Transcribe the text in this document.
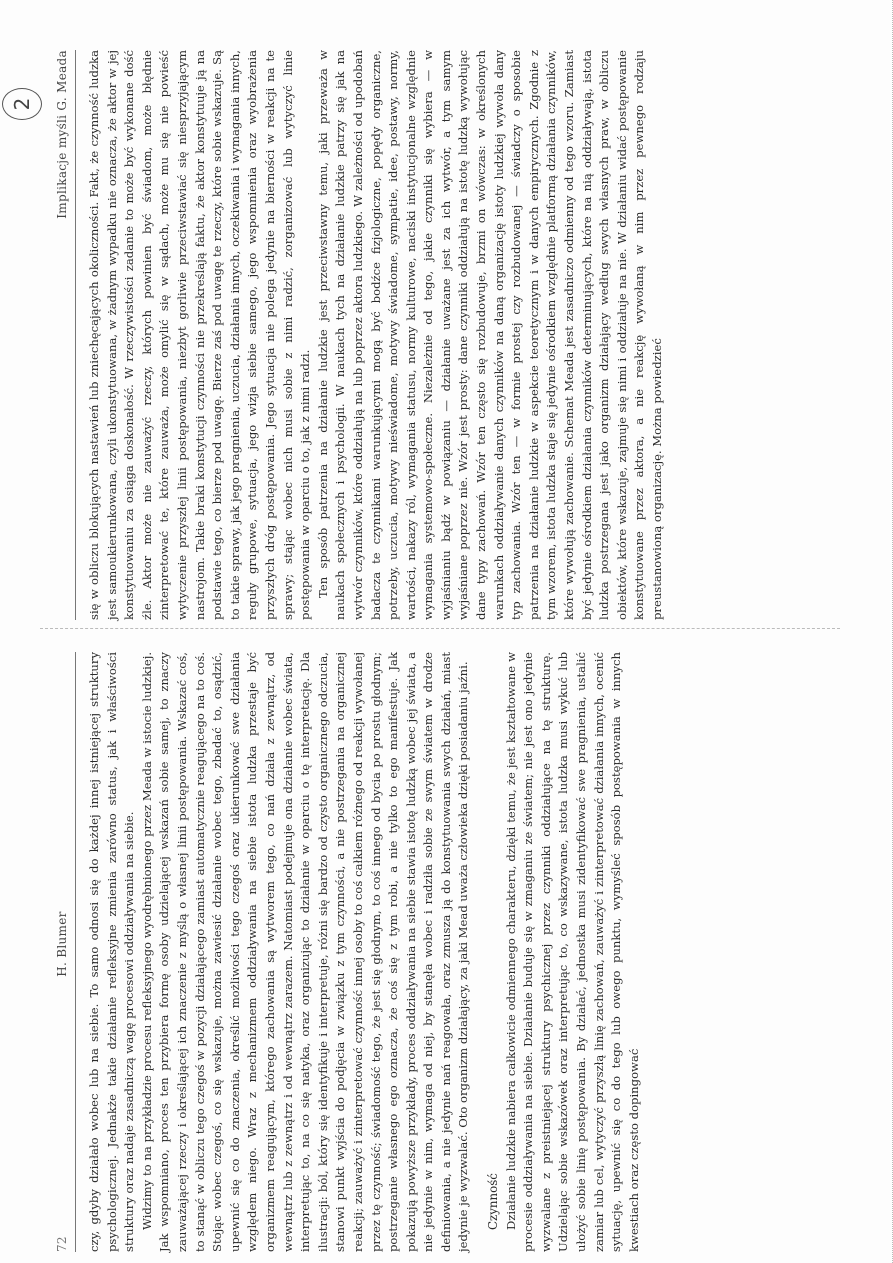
2 Implikacje myśli G. Meada się w obliczu blokujących nastawień lub zniechęcających okoliczności. Fakt, że czynność ludzka jest samoukierunkowana, czyli ukonstytuowana, w żadnym wypadku nie oznacza, że aktor w jej konstytuowaniu za osiąga doskonałość. W rzeczywistości zadanie to może być wykonane dość źle. Aktor może nie zauważyć rzeczy, których powinien być świadom, może błędnie zinterpretować te, które zauważa, może omylić się w sądach, może mu się nie powieść wytyczenie przyszłej linii postępowania, niezbyt gorliwie przeciwstawiać się niesprzyjającym nastrojom. Takie braki konstytucji czynności nie przekreślają faktu, że aktor konstytuuje ją na podstawie tego, co bierze pod uwagę. Bierze zaś pod uwagę te rzeczy, które sobie wskazuje. Są to takie sprawy, jak jego pragnienia, uczucia, działania innych, oczekiwania i wymagania innych, reguły grupowe, sytuacja, jego wizja siebie samego, jego wspomnienia oraz wyobrażenia przyszłych dróg postępowania. Jego sytuacja nie polega jedynie na bierności w reakcji na te sprawy; stając wobec nich musi sobie z nimi radzić, zorganizować lub wytyczyć linie postępowania w oparciu o to, jak z nimi radzi. Ten sposób patrzenia na działanie ludzkie jest przeciwstawny temu, jaki przeważa w naukach społecznych i psychologii. W naukach tych na działanie ludzkie patrzy się jak na wytwór czynników, które oddziałują na lub poprzez aktora ludzkiego. W zależności od upodobań badacza te czynnikami warunkującymi mogą być bodźce fizjologiczne, popędy organiczne, potrzeby, uczucia, motywy nieświadome, motywy świadome, sympatie, idee, postawy, normy, wartości, nakazy ról, wymagania statusu, normy kulturowe, naciski instytucjonalne względnie wymagania systemowo-społeczne. Niezależnie od tego, jakie czynniki się wybiera — w wyjaśnianiu bądź w powiązaniu — działanie uważane jest za ich wytwór, a tym samym wyjaśniane poprzez nie. Wzór jest prosty: dane czynniki oddziałują na istotę ludzką wywołując dane typy zachowań. Wzór ten często się rozbudowuje, brzmi on wówczas: w określonych warunkach oddziaływanie danych czynników na daną organizację istoty ludzkiej wywoła dany typ zachowania. Wzór ten — w formie prostej czy rozbudowanej — świadczy o sposobie patrzenia na działanie ludzkie w aspekcie teoretycznym i w danych empirycznych. Zgodnie z tym wzorem, istota ludzka staje się jedynie ośrodkiem względnie platformą działania czynników, które wywołują zachowanie. Schemat Meada jest zasadniczo odmienny od tego wzoru. Zamiast być jedynie ośrodkiem działania czynników determinujących, które na nią oddziaływają, istota ludzka postrzegana jest jako organizm działający według swych własnych praw, w obliczu obiektów, które wskazuje, zajmuje się nimi i oddziałuje na nie. W działaniu widać postępowanie konstytuowane przez aktora, a nie reakcję wywołaną w nim przez pewnego rodzaju preustanowioną organizację. Można powiedzieć

72
H. Blumer czy, gdyby działało wobec lub na siebie. To samo odnosi się do każdej innej istniejącej struktury psychologicznej. Jednakże takie działanie refleksyjne zmienia zarówno status, jak i właściwości struktury oraz nadaje zasadniczą wagę procesowi oddziaływania na siebie. Widzimy to na przykładzie procesu refleksyjnego wyodrębnionego przez Meada w istocie ludzkiej. Jak wspomniano, proces ten przybiera formę osoby udzielającej wskazań sobie samej, to znaczy zauważającej rzeczy i określającej ich znaczenie z myślą o własnej linii postępowania. Wskazać coś, to stanąć w obliczu tego czegoś w pozycji działającego zamiast automatycznie reagującego na to coś. Stojąc wobec czegoś, co się wskazuje, można zawiesić działanie wobec tego, zbadać to, osądzić, upewnić się co do znaczenia, określić możliwości tego czegoś oraz ukierunkować swe działania względem niego. Wraz z mechanizmem oddziaływania na siebie istota ludzka przestaje być organizmem reagującym, którego zachowania są wytworem tego, co nań działa z zewnątrz, od wewnątrz lub z zewnątrz i od wewnątrz zarazem. Natomiast podejmuje ona działanie wobec świata, interpretując to, na co się natyka, oraz organizując to działanie w oparciu o tę interpretację. Dla ilustracji: ból, który się identyfikuje i interpretuje, różni się bardzo od czysto organicznego odczucia, stanowi punkt wyjścia do podjęcia w związku z tym czynności, a nie postrzegania na organicznej reakcji; zauważyć i zinterpretować czynność innej osoby to coś całkiem różnego od reakcji wywołanej przez tę czynność; świadomość tego, że jest się głodnym, to coś innego od bycia po prostu głodnym; postrzeganie własnego ego oznacza, że coś się z tym robi, a nie tylko to ego manifestuje. Jak pokazują powyższe przykłady, proces oddziaływania na siebie stawia istotę ludzką wobec jej świata, a nie jedynie w nim, wymaga od niej, by stanęła wobec i radziła sobie ze swym światem w drodze definiowania, a nie jedynie nań reagowała, oraz zmusza ją do konstytuowania swych działań, miast jedynie je wyzwalać. Oto organizm działający, za jaki Mead uważa człowieka dzięki posiadaniu jaźni. Czynność Działanie ludzkie nabiera całkowicie odmiennego charakteru, dzięki temu, że jest kształtowane w procesie oddziaływania na siebie. Działanie buduje się w zmaganiu ze światem; nie jest ono jedynie wyzwalane z preistniejącej struktury psychicznej przez czynniki oddziałujące na tę strukturę. Udzielając sobie wskazówek oraz interpretując to, co wskazywane, istota ludzka musi wykuć lub ułożyć sobie linię postępowania. By działać, jednostka musi zidentyfikować swe pragnienia, ustalić zamiar lub cel, wytyczyć przyszłą linię zachowań, zauważyć i zinterpretować działania innych, ocenić sytuację, upewnić się co do tego lub owego punktu, wymyśleć sposób postępowania w innych kwestiach oraz często dopingować
